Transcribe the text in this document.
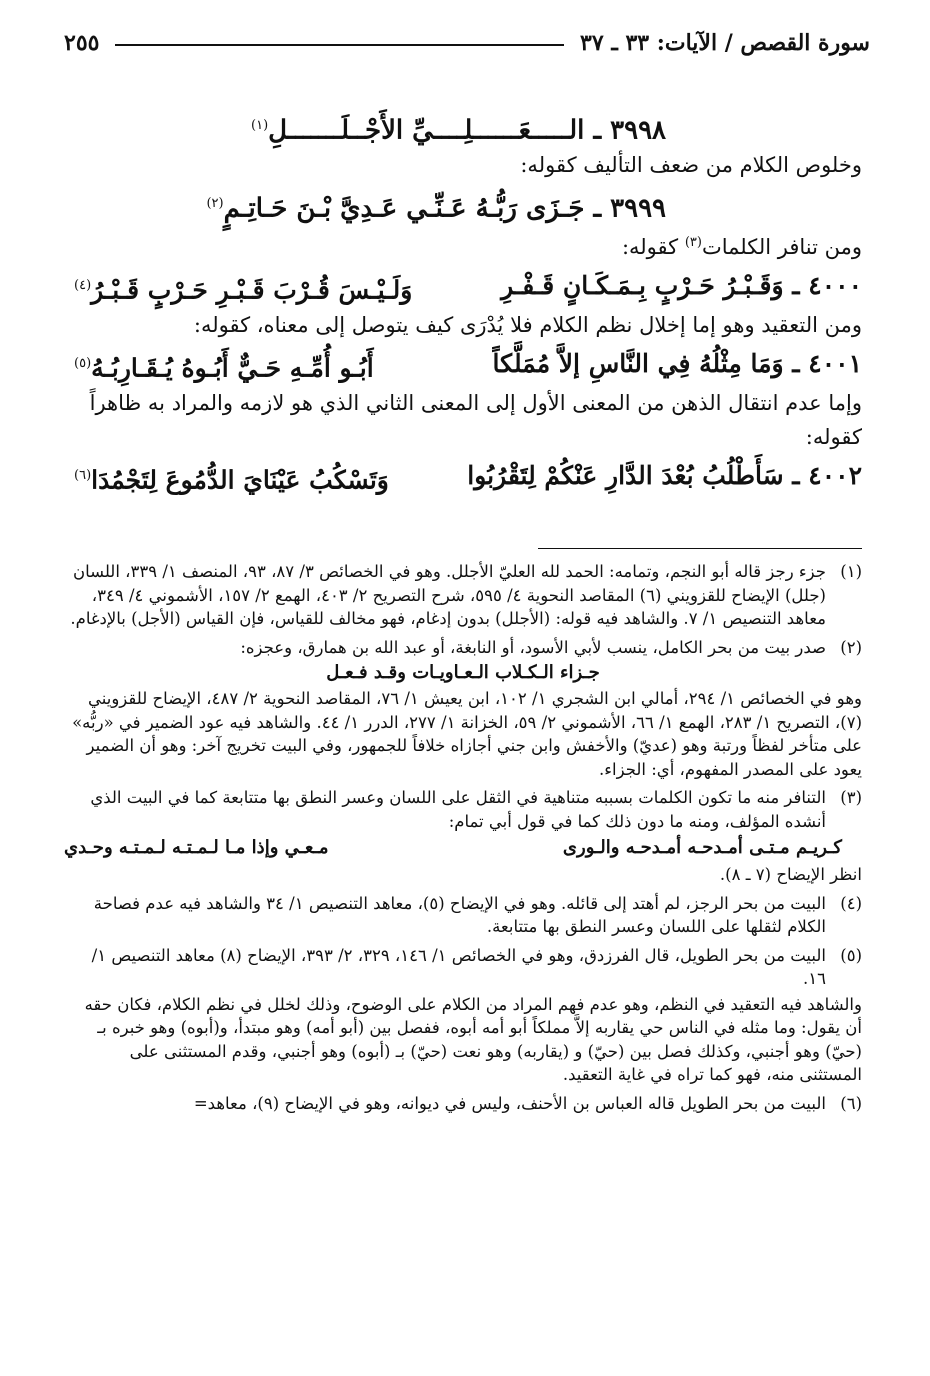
سورة القصص / الآيات: ٣٣ ـ ٣٧
٢٥٥
٣٩٩٨ ـ الـــــعَــــــلِــــيِّ الأَجْــلَـــــــلِ$^{(١)}$
وخلوص الكلام من ضعف التأليف كقوله:
٣٩٩٩ ـ جَـزَى رَبُّـهُ عَـنِّـي عَـدِيَّ بْـنَ حَـاتِـمٍ$^{(٢)}$
ومن تنافر الكلمات$^{(٣)}$ كقوله:
٤٠٠٠ ـ وَقَـبْـرُ حَـرْبٍ بِـمَـكَـانٍ قَـفْـرِ
وَلَـيْـسَ قُـرْبَ قَـبْـرِ حَـرْبٍ قَـبْـرُ$^{(٤)}$
ومن التعقيد وهو إما إخلال نظم الكلام فلا يُدْرَى كيف يتوصل إلى معناه، كقوله:
٤٠٠١ ـ وَمَا مِثْلُهُ فِي النَّاسِ إلاَّ مُمَلَّكاً
أَبُـو أُمِّـهِ حَـيٌّ أَبُـوهُ يُـقَـارِبُـهُ$^{(٥)}$
وإما عدم انتقال الذهن من المعنى الأول إلى المعنى الثاني الذي هو لازمه والمراد به ظاهراً كقوله:
٤٠٠٢ ـ سَأَطْلُبُ بُعْدَ الدَّارِ عَنْكُمْ لِتَقْرُبُوا
وَتَسْكُبُ عَيْنَايَ الدُّمُوعَ لِتَجْمُدَا$^{(٦)}$
(١)
جزء رجز قاله أبو النجم، وتمامه: الحمد لله العليّ الأجلل. وهو في الخصائص ٣/ ٨٧، ٩٣، المنصف ١/ ٣٣٩، اللسان (جلل) الإيضاح للقزويني (٦) المقاصد النحوية ٤/ ٥٩٥، شرح التصريح ٢/ ٤٠٣، الهمع ٢/ ١٥٧، الأشموني ٤/ ٣٤٩، معاهد التنصيص ١/ ٧. والشاهد فيه قوله: (الأجلل) بدون إدغام، فهو مخالف للقياس، فإن القياس (الأجل) بالإدغام.
(٢)
صدر بيت من بحر الكامل، ينسب لأبي الأسود، أو النابغة، أو عبد الله بن همارق، وعجزه:
جـزاء الـكـلاب الـعـاويـات وقـد فـعـل
وهو في الخصائص ١/ ٢٩٤، أمالي ابن الشجري ١/ ١٠٢، ابن يعيش ١/ ٧٦، المقاصد النحوية ٢/ ٤٨٧، الإيضاح للقزويني (٧)، التصريح ١/ ٢٨٣، الهمع ١/ ٦٦، الأشموني ٢/ ٥٩، الخزانة ١/ ٢٧٧، الدرر ١/ ٤٤. والشاهد فيه عود الضمير في «ربُّه» على متأخر لفظاً ورتبة وهو (عديّ) والأخفش وابن جني أجازاه خلافاً للجمهور، وفي البيت تخريج آخر: وهو أن الضمير يعود على المصدر المفهوم، أي: الجزاء.
(٣)
التنافر منه ما تكون الكلمات بسببه متناهية في الثقل على اللسان وعسر النطق بها متتابعة كما في البيت الذي أنشده المؤلف، ومنه ما دون ذلك كما في قول أبي تمام:
كـريـم مـتـى أمـدحـه أمـدحـه والـورى
مـعـي وإذا مـا لـمـتـه لـمـتـه وحـدي
انظر الإيضاح (٧ ـ ٨).
(٤)
البيت من بحر الرجز، لم أهتد إلى قائله. وهو في الإيضاح (٥)، معاهد التنصيص ١/ ٣٤ والشاهد فيه عدم فصاحة الكلام لثقلها على اللسان وعسر النطق بها متتابعة.
(٥)
البيت من بحر الطويل، قال الفرزدق، وهو في الخصائص ١/ ١٤٦، ٣٢٩، ٢/ ٣٩٣، الإيضاح (٨) معاهد التنصيص ١/ ١٦.
والشاهد فيه التعقيد في النظم، وهو عدم فهم المراد من الكلام على الوضوح، وذلك لخلل في نظم الكلام، فكان حقه أن يقول: وما مثله في الناس حي يقاربه إلاَّ مملكاً أبو أمه أبوه، ففصل بين (أبو أمه) وهو مبتدأ، و(أبوه) وهو خبره بـ (حيّ) وهو أجنبي، وكذلك فصل بين (حيّ) و (يقاربه) وهو نعت (حيّ) بـ (أبوه) وهو أجنبي، وقدم المستثنى على المستثنى منه، فهو كما تراه في غاية التعقيد.
(٦)
البيت من بحر الطويل قاله العباس بن الأحنف، وليس في ديوانه، وهو في الإيضاح (٩)، معاهد=
